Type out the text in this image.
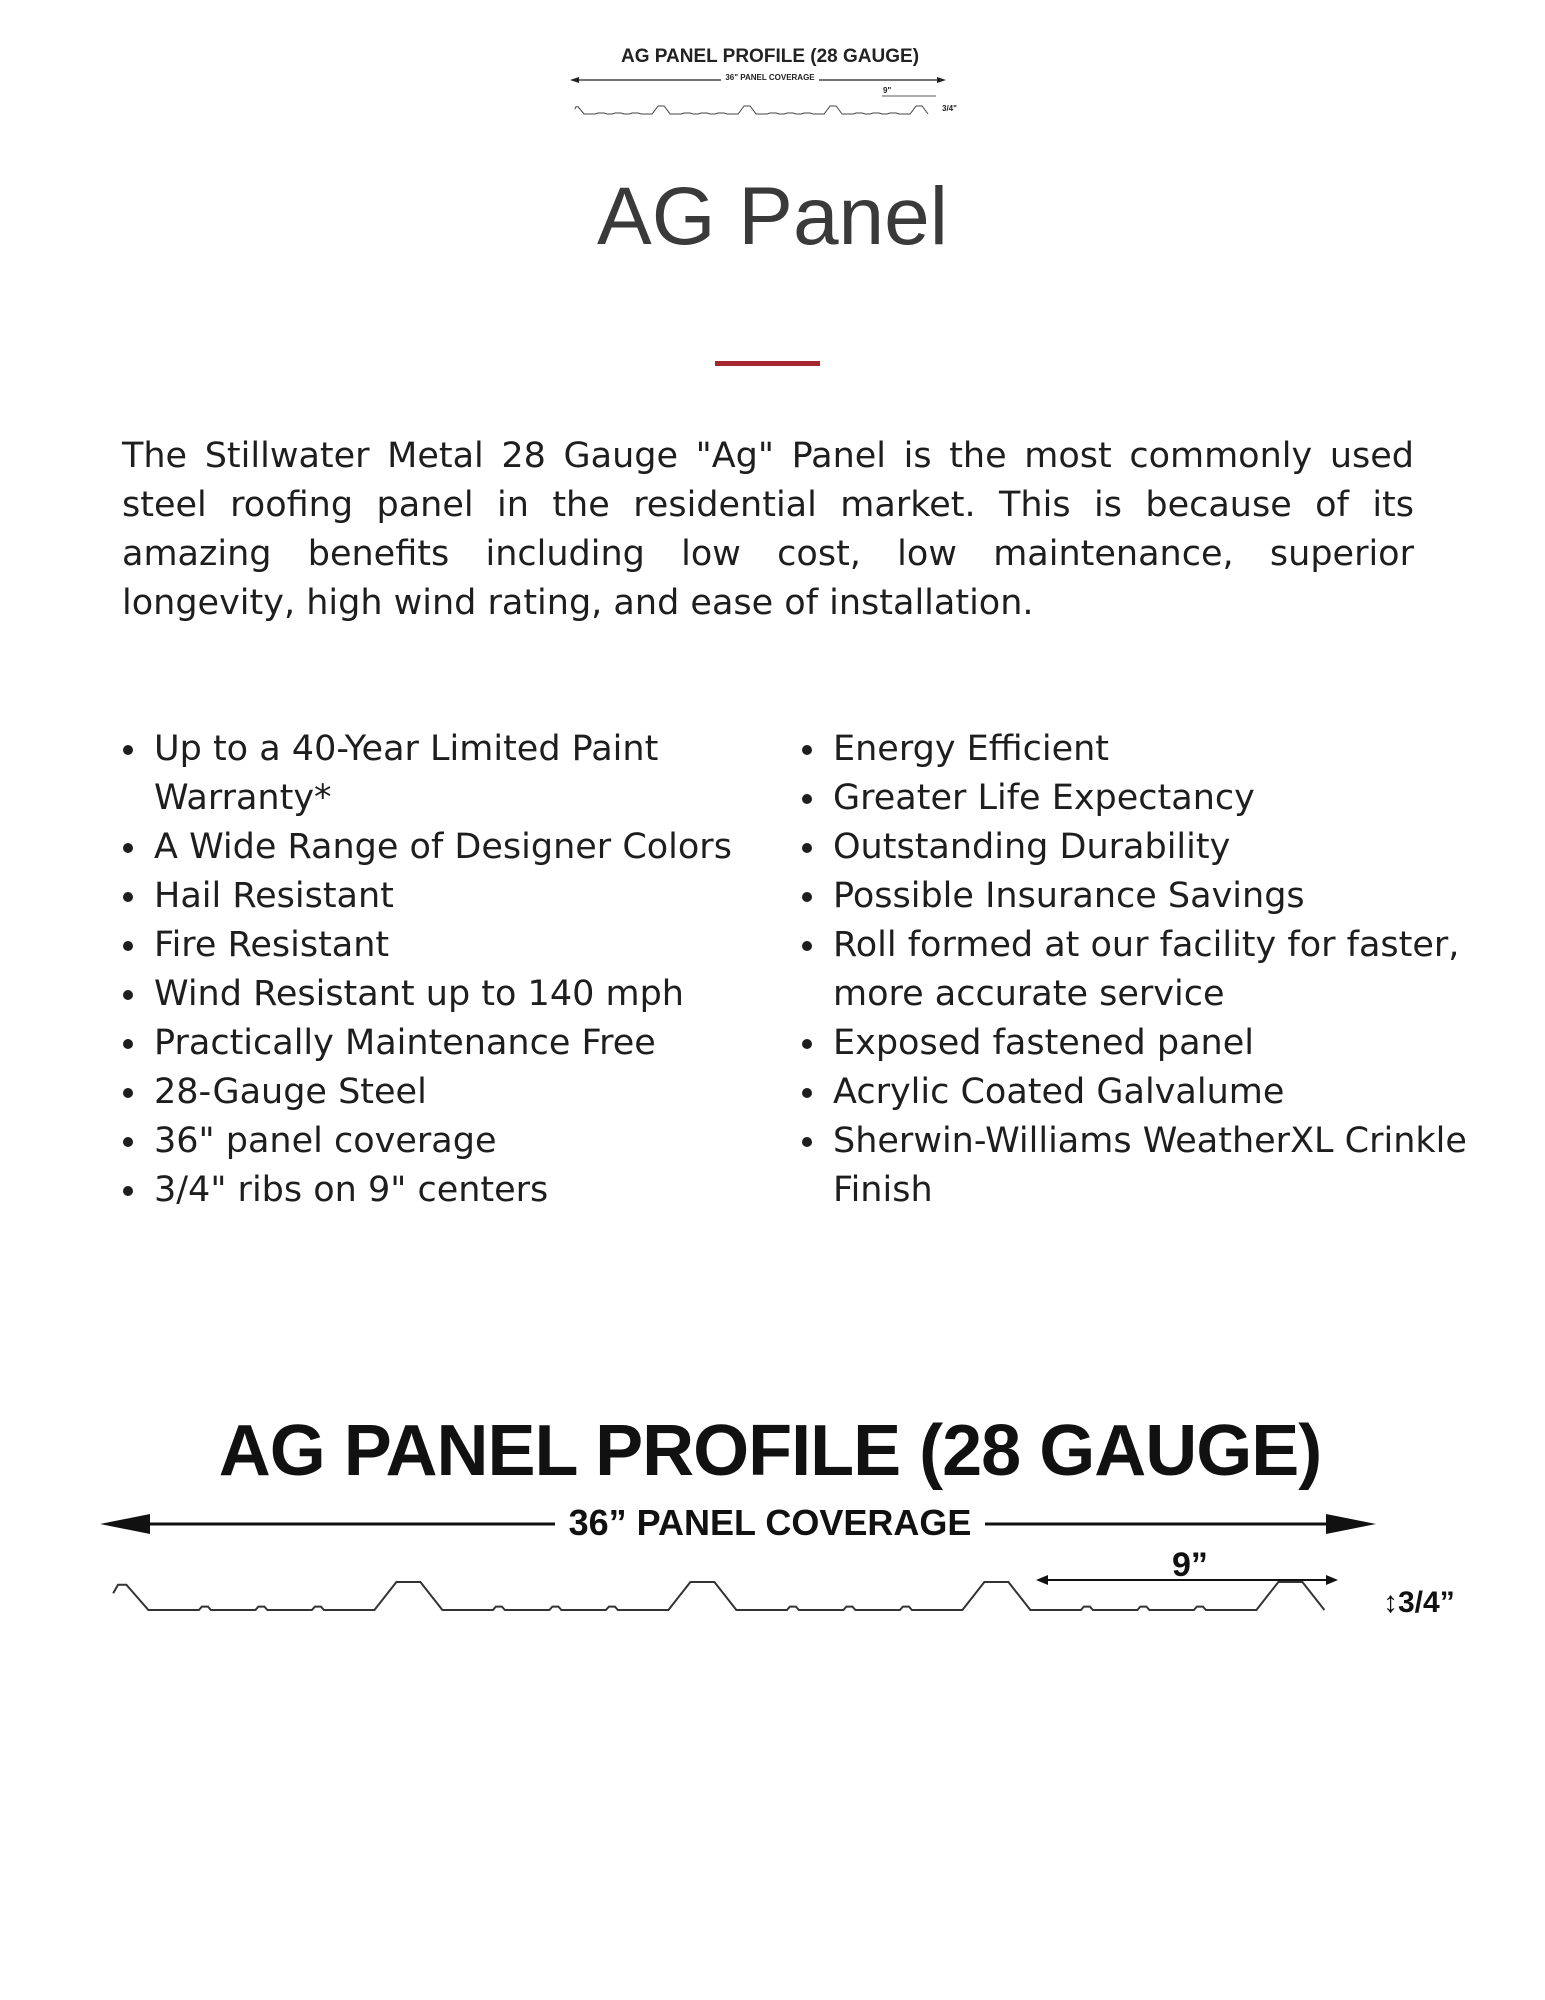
AG PANEL PROFILE (28 GAUGE)
36" PANEL COVERAGE
9"
3/4"
AG Panel

The Stillwater Metal 28 Gauge "Ag" Panel is the most commonly used steel roofing panel in the residential market. This is because of its amazing benefits including low cost, low maintenance, superior longevity, high wind rating, and ease of installation.

• Up to a 40-Year Limited Paint Warranty*
• A Wide Range of Designer Colors
• Hail Resistant
• Fire Resistant
• Wind Resistant up to 140 mph
• Practically Maintenance Free
• 28-Gauge Steel
• 36" panel coverage
• 3/4" ribs on 9" centers
• Energy Efficient
• Greater Life Expectancy
• Outstanding Durability
• Possible Insurance Savings
• Roll formed at our facility for faster, more accurate service
• Exposed fastened panel
• Acrylic Coated Galvalume
• Sherwin-Williams WeatherXL Crinkle Finish
AG PANEL PROFILE (28 GAUGE)
36” PANEL COVERAGE
9”
↕3/4”
